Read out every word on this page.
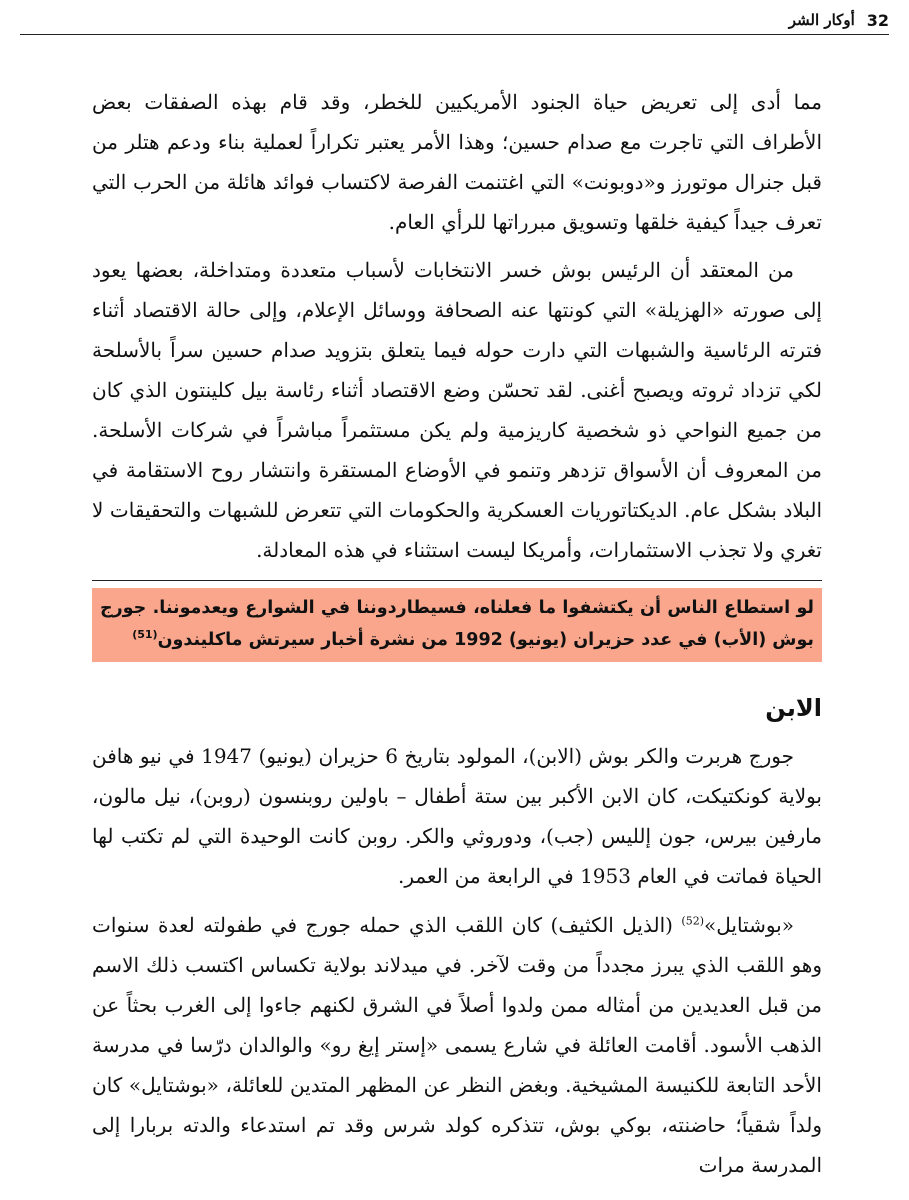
32
أوكار الشر

مما أدى إلى تعريض حياة الجنود الأمريكيين للخطر، وقد قام بهذه الصفقات بعض الأطراف التي تاجرت مع صدام حسين؛ وهذا الأمر يعتبر تكراراً لعملية بناء ودعم هتلر من قبل جنرال موتورز و«دوبونت» التي اغتنمت الفرصة لاكتساب فوائد هائلة من الحرب التي تعرف جيداً كيفية خلقها وتسويق مبرراتها للرأي العام.

من المعتقد أن الرئيس بوش خسر الانتخابات لأسباب متعددة ومتداخلة، بعضها يعود إلى صورته «الهزيلة» التي كونتها عنه الصحافة ووسائل الإعلام، وإلى حالة الاقتصاد أثناء فترته الرئاسية والشبهات التي دارت حوله فيما يتعلق بتزويد صدام حسين سراً بالأسلحة لكي تزداد ثروته ويصبح أغنى. لقد تحسّن وضع الاقتصاد أثناء رئاسة بيل كلينتون الذي كان من جميع النواحي ذو شخصية كاريزمية ولم يكن مستثمراً مباشراً في شركات الأسلحة. من المعروف أن الأسواق تزدهر وتنمو في الأوضاع المستقرة وانتشار روح الاستقامة في البلاد بشكل عام. الديكتاتوريات العسكرية والحكومات التي تتعرض للشبهات والتحقيقات لا تغري ولا تجذب الاستثمارات، وأمريكا ليست استثناء في هذه المعادلة.

لو استطاع الناس أن يكتشفوا ما فعلناه، فسيطاردوننا في الشوارع ويعدموننا. جورج بوش (الأب) في عدد حزيران (يونيو) 1992 من نشرة أخبار سيرتش ماكليندون$^{(51)}$
الابن

جورج هربرت والكر بوش (الابن)، المولود بتاريخ 6 حزيران (يونيو) 1947 في نيو هافن بولاية كونكتيكت، كان الابن الأكبر بين ستة أطفال – باولين روبنسون (روبن)، نيل مالون، مارفين بيرس، جون إلليس (جب)، ودوروثي والكر. روبن كانت الوحيدة التي لم تكتب لها الحياة فماتت في العام 1953 في الرابعة من العمر.

«بوشتايل»$^{(52)}$ (الذيل الكثيف) كان اللقب الذي حمله جورج في طفولته لعدة سنوات وهو اللقب الذي يبرز مجدداً من وقت لآخر. في ميدلاند بولاية تكساس اكتسب ذلك الاسم من قبل العديدين من أمثاله ممن ولدوا أصلاً في الشرق لكنهم جاءوا إلى الغرب بحثاً عن الذهب الأسود. أقامت العائلة في شارع يسمى «إستر إيغ رو» والوالدان درّسا في مدرسة الأحد التابعة للكنيسة المشيخية. وبغض النظر عن المظهر المتدين للعائلة، «بوشتايل» كان ولداً شقياً؛ حاضنته، بوكي بوش، تتذكره كولد شرس وقد تم استدعاء والدته بربارا إلى المدرسة مرات
